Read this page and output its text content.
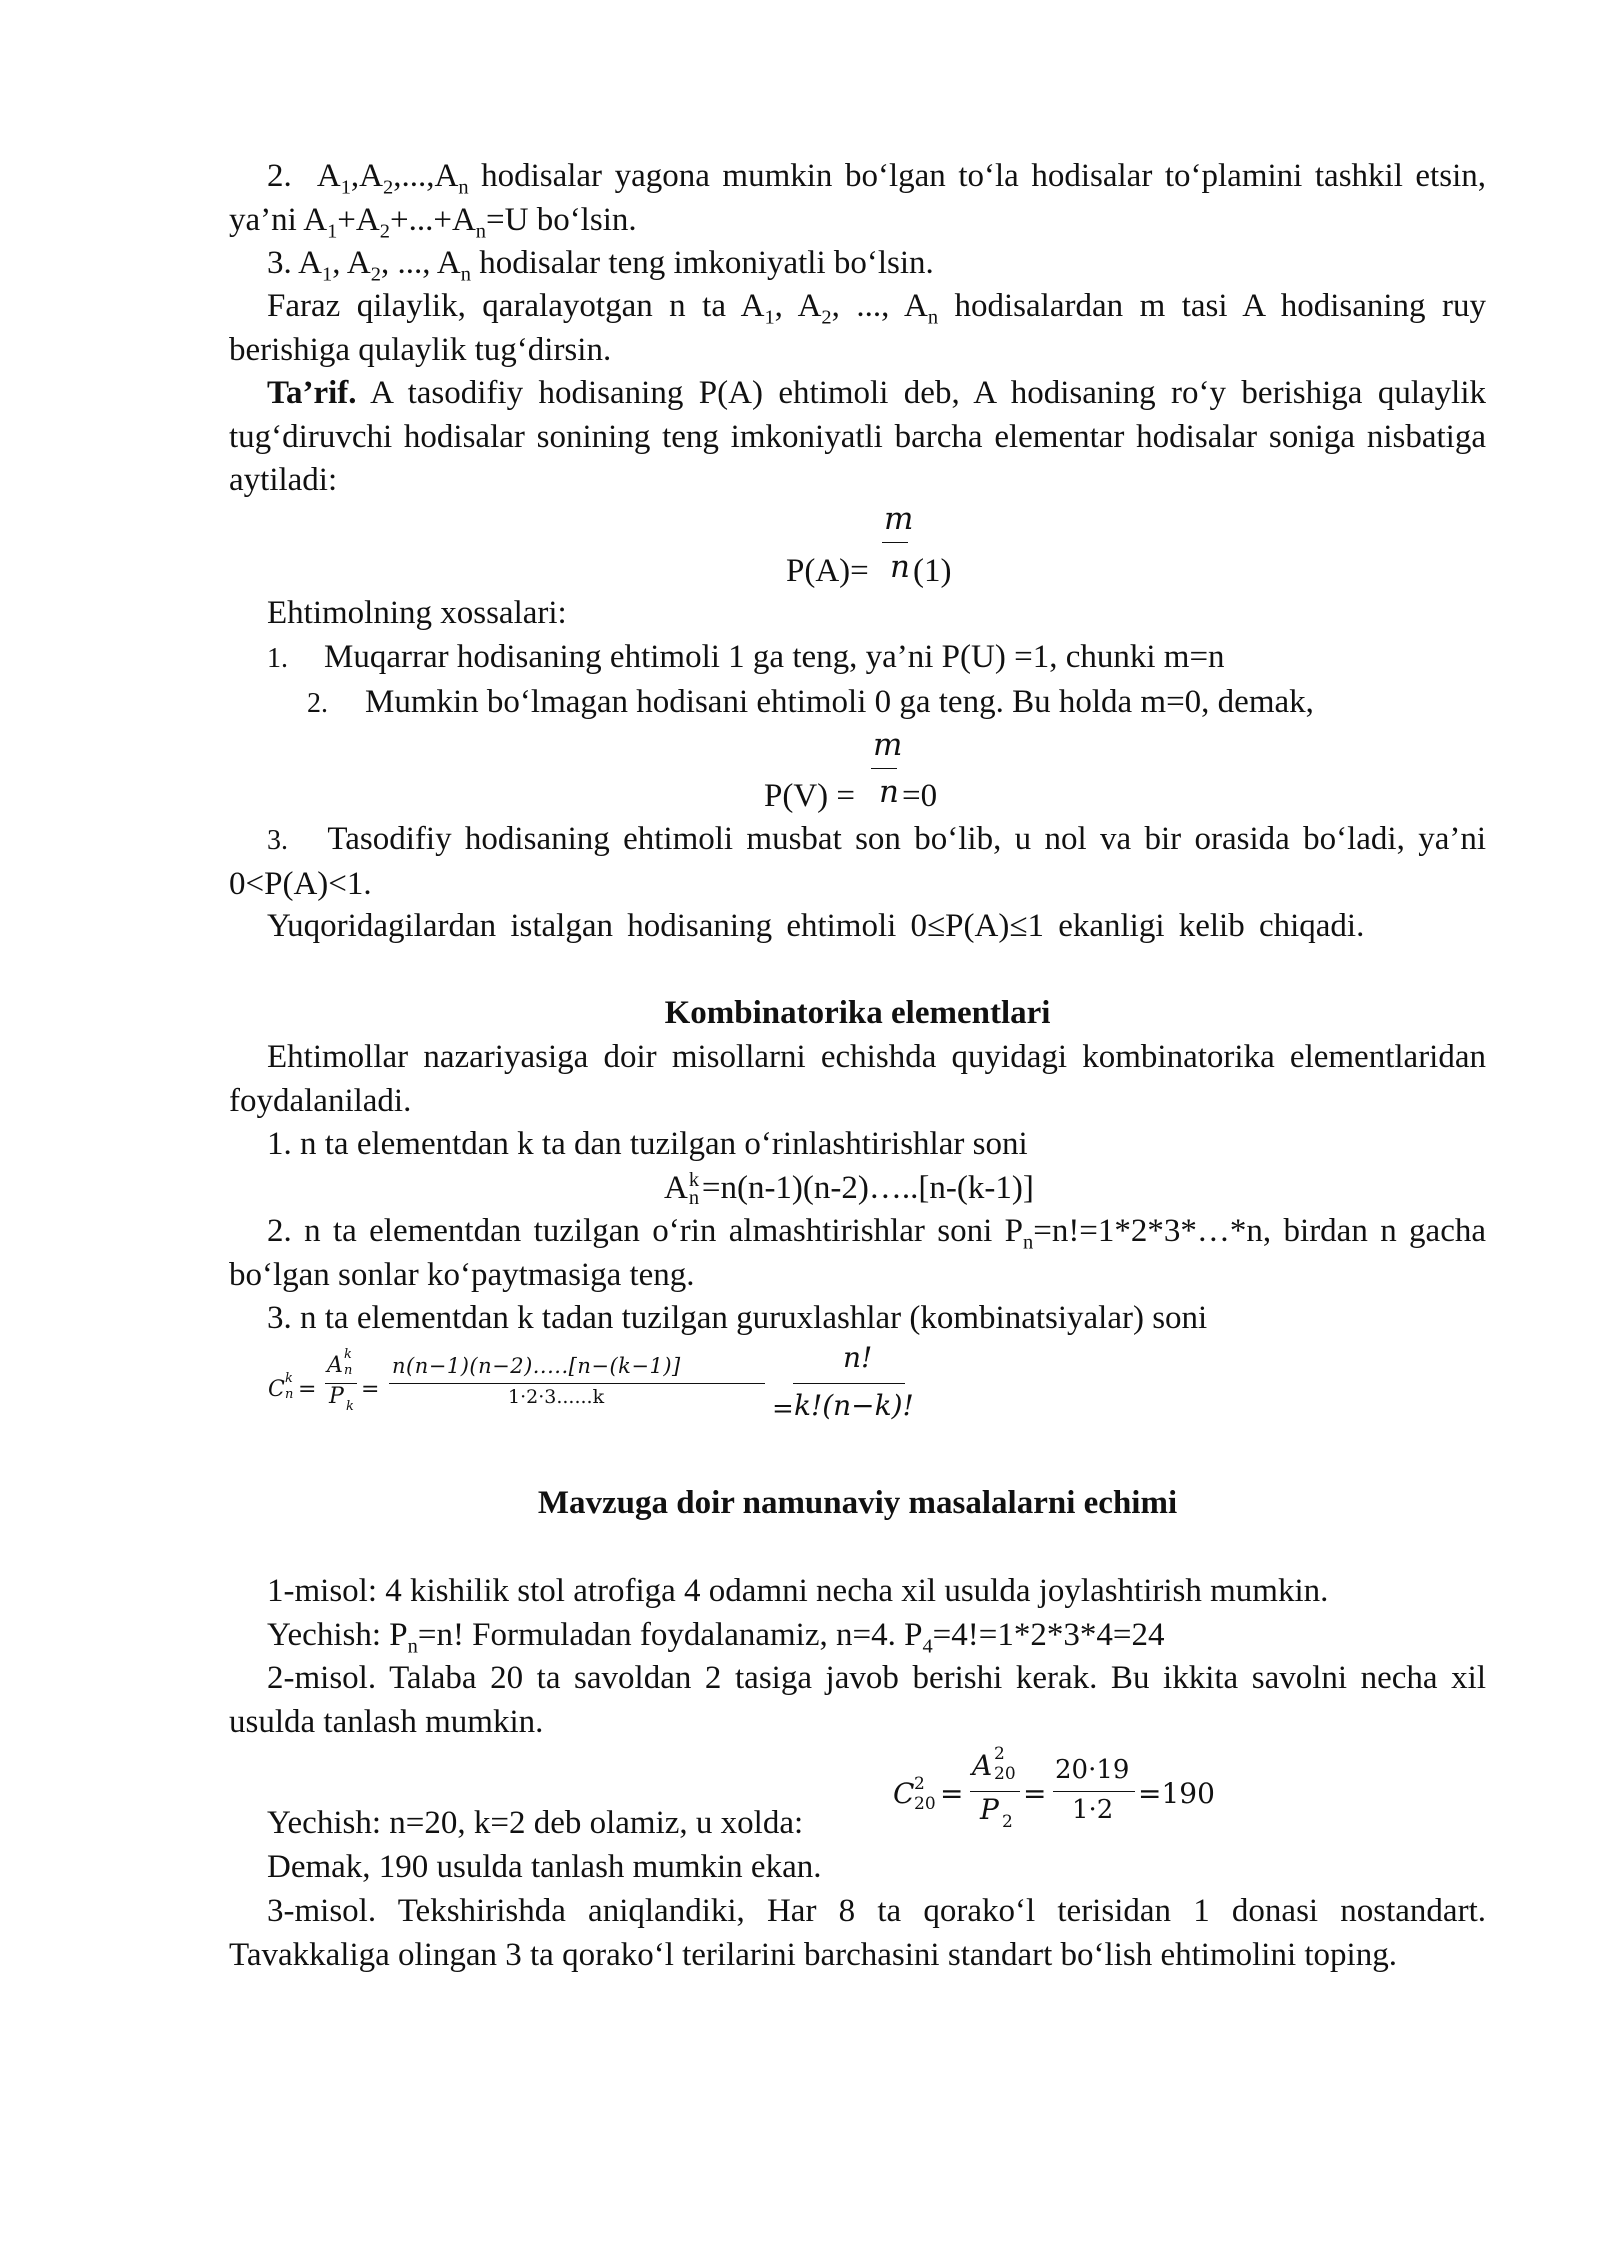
2. $A_1,A_2,...,A_n$ hodisalar yagona mumkin bo‘lgan to‘la hodisalar to‘plamini tashkil etsin, ya’ni $A_1+A_2+...+A_n=U$ bo‘lsin.

3. $A_1$, $A_2$, ..., $A_n$ hodisalar teng imkoniyatli bo‘lsin.

Faraz qilaylik, qaralayotgan n ta $A_1$, $A_2$, ..., $A_n$ hodisalardan m tasi A hodisaning ruy berishiga qulaylik tug‘dirsin.

Ta’rif. A tasodifiy hodisaning P(A) ehtimoli deb, A hodisaning ro‘y berishiga qulaylik tug‘diruvchi hodisalar sonining teng imkoniyatli barcha elementar hodisalar soniga nisbatiga aytiladi:

m
P(A)= n (1)

Ehtimolning xossalari:

1. Muqarrar hodisaning ehtimoli 1 ga teng, ya’ni P(U) =1, chunki m=n
2. Mumkin bo‘lmagan hodisani ehtimoli 0 ga teng. Bu holda m=0, demak,
m
P(V) = n =0

3. Tasodifiy hodisaning ehtimoli musbat son bo‘lib, u nol va bir orasida bo‘ladi, ya’ni 0<P(A)<1.

Yuqoridagilardan istalgan hodisaning ehtimoli 0≤P(A)≤1 ekanligi kelib chiqadi.

Kombinatorika elementlari

Ehtimollar nazariyasiga doir misollarni echishda quyidagi kombinatorika elementlaridan foydalaniladi.

1. n ta elementdan k ta dan tuzilgan o‘rinlashtirishlar soni

A k
n =n(n-1)(n-2)…..[n-(k-1)]

2. n ta elementdan tuzilgan o‘rin almashtirishlar soni $P_n=n!=1*2*3*\dots*n$, birdan n gacha bo‘lgan sonlar ko‘paytmasiga teng.

3. n ta elementdan k tadan tuzilgan guruxlashlar (kombinatsiyalar) soni

C k
n =
A k
n
P k
=
n(n−1)(n−2).....[n−(k−1)]
1·2·3......k
n!
= k!(n−k)!

Mavzuga doir namunaviy masalalarni echimi

1-misol: 4 kishilik stol atrofiga 4 odamni necha xil usulda joylashtirish mumkin.

Yechish: $P_n=n$! Formuladan foydalanamiz, n=4. $P_4=4!=1*2*3*4=24$

2-misol. Talaba 20 ta savoldan 2 tasiga javob berishi kerak. Bu ikkita savolni necha xil usulda tanlash mumkin.

C 2
20 =
A 2
20
P 2
=
20·19
1·2 =190

Yechish: n=20, k=2 deb olamiz, u xolda:

Demak, 190 usulda tanlash mumkin ekan.

3-misol. Tekshirishda aniqlandiki, Har 8 ta qorako‘l terisidan 1 donasi nostandart. Tavakkaliga olingan 3 ta qorako‘l terilarini barchasini standart bo‘lish ehtimolini toping.
